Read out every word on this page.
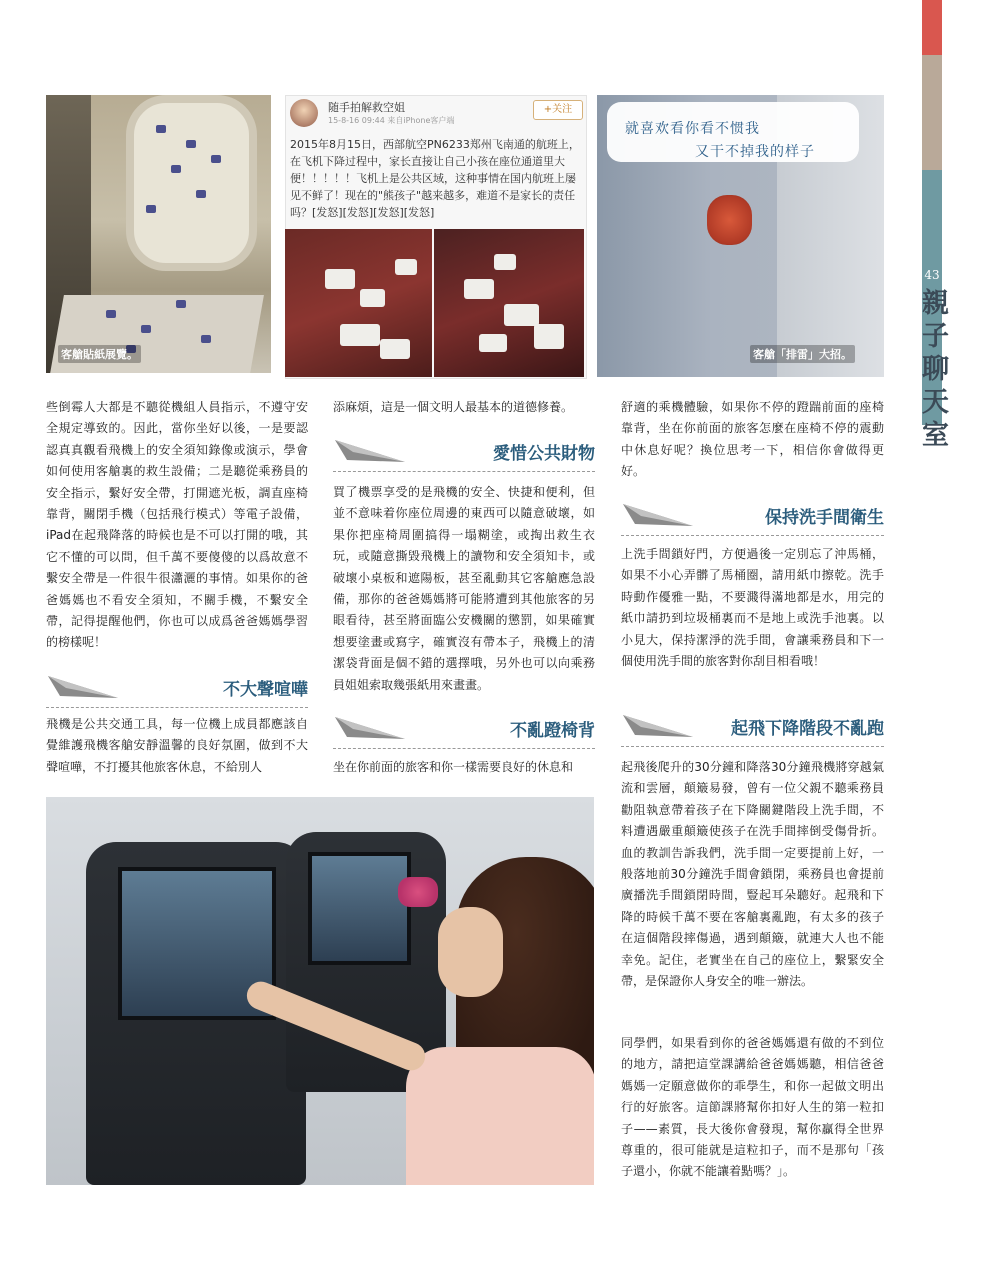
43
親子聊天室
客艙貼紙展覽。
随手拍解救空姐
15-8-16 09:44 来自iPhone客户端
+关注
2015年8月15日，西部航空PN6233郑州飞南通的航班上，在飞机下降过程中，家长直接让自己小孩在座位通道里大便！！！！！飞机上是公共区域，这种事情在国内航班上屡见不鲜了！现在的"熊孩子"越来越多，难道不是家长的责任吗？[发怒][发怒][发怒][发怒]
就喜欢看你看不惯我
又干不掉我的样子
客艙「排雷」大招。
些倒霉人大都是不聽從機組人員指示，不遵守安全規定導致的。因此，當你坐好以後，一是要認認真真觀看飛機上的安全須知錄像或演示，學會如何使用客艙裏的救生設備；二是聽從乘務員的安全指示，繫好安全帶，打開遮光板，調直座椅靠背，關閉手機（包括飛行模式）等電子設備，iPad在起飛降落的時候也是不可以打開的哦，其它不懂的可以問，但千萬不要傻傻的以爲故意不繫安全帶是一件很牛很瀟灑的事情。如果你的爸爸媽媽也不看安全須知，不關手機，不繫安全帶，記得提醒他們，你也可以成爲爸爸媽媽學習的榜樣呢！
不大聲喧嘩
飛機是公共交通工具，每一位機上成員都應該自覺維護飛機客艙安靜溫馨的良好氛圍，做到不大聲喧嘩，不打擾其他旅客休息，不給別人
添麻煩，這是一個文明人最基本的道德修養。
愛惜公共財物
買了機票享受的是飛機的安全、快捷和便利，但並不意味着你座位周邊的東西可以隨意破壞，如果你把座椅周圍搞得一塌糊塗，或掏出救生衣玩，或隨意撕毀飛機上的讀物和安全須知卡，或破壞小桌板和遮陽板，甚至亂動其它客艙應急設備，那你的爸爸媽媽將可能將遭到其他旅客的另眼看待，甚至將面臨公安機關的懲罰，如果確實想要塗畫或寫字，確實沒有帶本子，飛機上的清潔袋背面是個不錯的選擇哦，另外也可以向乘務員姐姐索取幾張紙用來畫畫。
不亂蹬椅背
坐在你前面的旅客和你一樣需要良好的休息和
舒適的乘機體驗，如果你不停的蹬踹前面的座椅靠背，坐在你前面的旅客怎麼在座椅不停的震動中休息好呢？換位思考一下，相信你會做得更好。
保持洗手間衛生
上洗手間鎖好門，方便過後一定別忘了沖馬桶，如果不小心弄髒了馬桶圈，請用紙巾擦乾。洗手時動作優雅一點，不要濺得滿地都是水，用完的紙巾請扔到垃圾桶裏而不是地上或洗手池裏。以小見大，保持潔淨的洗手間，會讓乘務員和下一個使用洗手間的旅客對你刮目相看哦！
起飛下降階段不亂跑
起飛後爬升的30分鐘和降落30分鐘飛機將穿越氣流和雲層，顛簸易發，曾有一位父親不聽乘務員勸阻執意帶着孩子在下降關鍵階段上洗手間，不料遭遇嚴重顛簸使孩子在洗手間摔倒受傷骨折。血的教訓告訴我們，洗手間一定要提前上好，一般落地前30分鐘洗手間會鎖閉，乘務員也會提前廣播洗手間鎖閉時間，豎起耳朵聽好。起飛和下降的時候千萬不要在客艙裏亂跑，有太多的孩子在這個階段摔傷過，遇到顛簸，就連大人也不能幸免。記住，老實坐在自己的座位上，繫緊安全帶，是保證你人身安全的唯一辦法。
同學們，如果看到你的爸爸媽媽還有做的不到位的地方，請把這堂課講給爸爸媽媽聽，相信爸爸媽媽一定願意做你的乖學生，和你一起做文明出行的好旅客。這節課將幫你扣好人生的第一粒扣子——素質，長大後你會發現，幫你贏得全世界尊重的，很可能就是這粒扣子，而不是那句「孩子還小，你就不能讓着點嗎？」。
